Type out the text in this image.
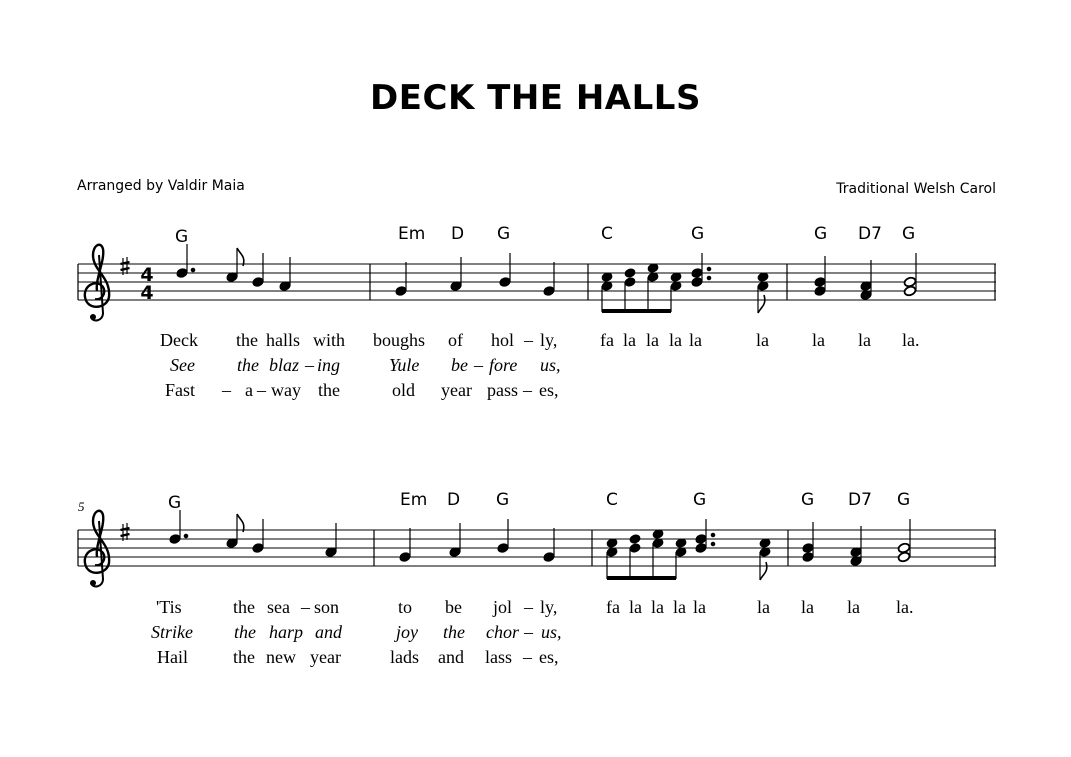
DECK THE HALLS
Arranged by Valdir Maia	Traditional Welsh Carol
G	Em D G	C	G	G D7 G
G	Em D G	C	G	G D7 G
5
4
4
Deck the halls with boughs of hol – ly, fa la la la la	la la la la.
See the blaz – ing	Yule be – fore us,
Fast – a – way the	old year pass – es,
'Tis	the sea – son	to be jol – ly,	fa la la la la	la la la la.
Strike the harp and	joy the chor – us,
Hail	the new year	lads and lass – es,
